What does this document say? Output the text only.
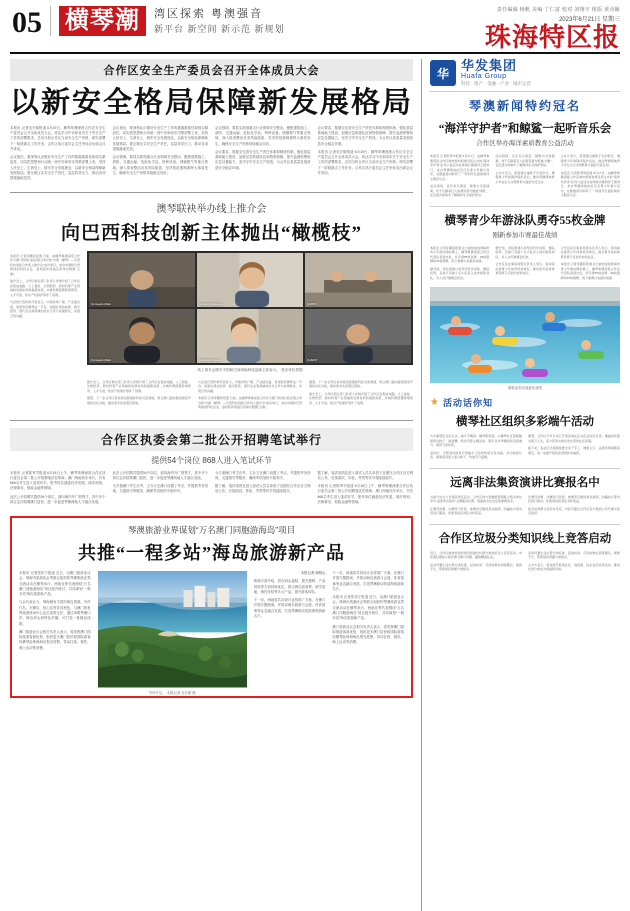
05 横琴潮	湾区探索 粤澳强音
新平台 新空间 新示范 新规划
责任编辑 杨帆 美编 丁仁富 校对 刘翔宇 组版 黄诗颖
2023年6月21日 星期三
珠海特区报
合作区安全生产委员会召开全体成员大会
以新安全格局保障新发展格局

本报讯 记者吴长赋报道 6月19日，横琴粤澳深度合作区安全生产委员会召开全体成员大会，传达学习中央和省市关于安全生产工作的部署要求，总结分析合作区当前安全生产形势，研究部署下一阶段重点工作任务。合作区执行委员会主任李伟农出席会议并讲话。

会议指出，要深刻认识做好安全生产工作的极端重要性和现实紧迫性，切实把思想和行动统一到中央和省市决策部署上来，坚持人民至上、生命至上，树牢安全发展理念，以新安全格局保障新发展格局。要压紧压实安全生产责任，层层传导压力，推动各项措施落地见效。

会议指出，要深刻认识做好安全生产工作的极端重要性和现实紧迫性，切实把思想和行动统一到中央和省市决策部署上来，坚持人民至上、生命至上，树牢安全发展理念，以新安全格局保障新发展格局。要压紧压实安全生产责任，层层传导压力，推动各项措施落地见效。

会议强调，要抓实抓细重点行业领域安全整治，聚焦建筑施工、消防、交通运输、危险化学品、特种设备、城镇燃气等重点领域，深入排查整治各类风险隐患，坚决防范遏制重特大事故发生，确保安全生产形势持续稳定向好。

会议强调，要抓实抓细重点行业领域安全整治，聚焦建筑施工、消防、交通运输、危险化学品、特种设备、城镇燃气等重点领域，深入排查整治各类风险隐患，坚决防范遏制重特大事故发生，确保安全生产形势持续稳定向好。

会议要求，要健全完善安全生产责任体系和制度机制，强化基层基础能力建设，加强应急救援队伍和物资保障，提升监测预警和应急处置能力，坚决守牢安全生产底线，为合作区高质量发展营造安全稳定环境。

会议要求，要健全完善安全生产责任体系和制度机制，强化基层基础能力建设，加强应急救援队伍和物资保障，提升监测预警和应急处置能力，坚决守牢安全生产底线，为合作区高质量发展营造安全稳定环境。

本报讯 记者吴长赋报道 6月19日，横琴粤澳深度合作区安全生产委员会召开全体成员大会，传达学习中央和省市关于安全生产工作的部署要求，总结分析合作区当前安全生产形势，研究部署下一阶段重点工作任务。合作区执行委员会主任李伟农出席会议并讲话。

澳琴联袂举办线上推介会
向巴西科技创新主体抛出“橄榄枝”

本报讯 记者李灏菲报道 日前，由横琴粤澳深度合作区与澳门特别行政区联合举办的“中国（横琴）—巴西科技创新合作线上推介会”成功举行，来自中国和巴西两地的科技企业、高校院所等逾百家单位相聚“云端”。

推介会上，合作区相关部门负责人详细介绍了合作区在集成电路、人工智能、生物医药、新材料等产业领域的发展布局和最新政策，并就科研经费跨境使用、人才引进、知识产权保护等作了说明。

与会的巴西机构代表表示，中国市场广阔、产业链完备，希望依托横琴这一平台，加强在清洁能源、数字经济、现代农业等领域的技术合作与成果转化，实现互利共赢。

Consuelo Melo	Joaquin Figuereo	SUBST
Consuelo Melo	Maria Rodriguez	GUEST
线上推介会吸引中国和巴西两地科技创新主体参与。 受访单位供图

推介会上，合作区相关部门负责人详细介绍了合作区在集成电路、人工智能、生物医药、新材料等产业领域的发展布局和最新政策，并就科研经费跨境使用、人才引进、知识产权保护等作了说明。

据悉，下一步合作区将持续拓展国际科技交流渠道，联合澳门面向葡语国家开展常态化对接，推动更多优质项目落地。

与会的巴西机构代表表示，中国市场广阔、产业链完备，希望依托横琴这一平台，加强在清洁能源、数字经济、现代农业等领域的技术合作与成果转化，实现互利共赢。

本报讯 记者李灏菲报道 日前，由横琴粤澳深度合作区与澳门特别行政区联合举办的“中国（横琴）—巴西科技创新合作线上推介会”成功举行，来自中国和巴西两地的科技企业、高校院所等逾百家单位相聚“云端”。

据悉，下一步合作区将持续拓展国际科技交流渠道，联合澳门面向葡语国家开展常态化对接，推动更多优质项目落地。

推介会上，合作区相关部门负责人详细介绍了合作区在集成电路、人工智能、生物医药、新材料等产业领域的发展布局和最新政策，并就科研经费跨境使用、人才引进、知识产权保护等作了说明。

合作区执委会第二批公开招聘笔试举行
提供54个岗位 868人进入笔试环节

本报讯 记者陈秀岑报道 6月18日上午，横琴粤澳深度合作区执行委员会第二批公开招聘笔试在珠海、澳门两地同步举行，共有868名考生进入笔试环节，报考岗位涵盖经济发展、城市规划、法律事务、财政金融等领域。

此次公开招聘共提供54个岗位，面向海内外广纳贤才，其中多个岗位定向招聘澳门居民，进一步促进琴澳两地人才融合发展。

此次公开招聘共提供54个岗位，面向海内外广纳贤才，其中多个岗位定向招聘澳门居民，进一步促进琴澳两地人才融合发展。

为方便澳门考生应考，主办方在澳门设置了考点，并提供考务咨询、交通指引等服务，确保考试组织平稳有序。

为方便澳门考生应考，主办方在澳门设置了考点，并提供考务咨询、交通指引等服务，确保考试组织平稳有序。

据了解，笔试成绩及进入面试人员名单将于近期在合作区官方网站公布，后续面试、体检、考察等环节将陆续展开。

据了解，笔试成绩及进入面试人员名单将于近期在合作区官方网站公布，后续面试、体检、考察等环节将陆续展开。

本报讯 记者陈秀岑报道 6月18日上午，横琴粤澳深度合作区执行委员会第二批公开招聘笔试在珠海、澳门两地同步举行，共有868名考生进入笔试环节，报考岗位涵盖经济发展、城市规划、法律事务、财政金融等领域。

琴澳旅游业界谋划“万名澳门同胞游海岛”项目
共推“一程多站”海岛旅游新产品

本报讯 记者张伟宁报道 近日，由澳门旅游业议会、珠海市旅游协会等联合组织的琴澳旅游业界交流活动在横琴举行，两地业界代表围绕“万名澳门同胞游海岛”项目展开研讨，共同谋划“一程多站”海岛旅游新产品。

与会代表认为，珠海拥有丰富的海岛资源，外伶仃岛、东澳岛、桂山岛等各具特色，与澳门的世界旅游休闲中心定位高度互补，通过串联琴澳口岸、海岛码头和特色村落，可打造一批精品线路。

澳门旅游业议会相关负责人表示，将发挥澳门国际旅游客源优势，组织更多澳门居民和国际游客经横琴赴珠海海岛观光度假，带动住宿、餐饮、海上运动等消费。

外伶仃岛。 本报记者 吴长赋 摄

本报记者 廖明山

珠海方面介绍，将在码头接驳、通关便利、产品供给等方面持续优化，推出海岛游套票、研学营地、海钓体验等多元产品，提升游客体验。

下一步，两地将共同设计宣传推广方案，在澳门开展专题路演，并推动海岛旅游与会展、体育赛事等业态融合发展，打造琴澳联动的滨海旅游新名片。

下一步，两地将共同设计宣传推广方案，在澳门开展专题路演，并推动海岛旅游与会展、体育赛事等业态融合发展，打造琴澳联动的滨海旅游新名片。

本报讯 记者张伟宁报道 近日，由澳门旅游业议会、珠海市旅游协会等联合组织的琴澳旅游业界交流活动在横琴举行，两地业界代表围绕“万名澳门同胞游海岛”项目展开研讨，共同谋划“一程多站”海岛旅游新产品。

澳门旅游业议会相关负责人表示，将发挥澳门国际旅游客源优势，组织更多澳门居民和国际游客经横琴赴珠海海岛观光度假，带动住宿、餐饮、海上运动等消费。

华
华发集团
Huafa Group
科技 · 地产 · 金融 · 产业 · 城市运营
琴澳新闻特约冠名
“海洋守护者”和鲸鲨一起听音乐会
合作区举办海洋素质教育公益活动

本报讯 记者陈秀岑报道 6月17日，由横琴粤澳深度合作区城市规划和建设局主办的“海洋守护者”系列公益活动在珠海长隆海洋王国举行，来自琴澳两地的近百名青少年参与其中，在鲸鲨馆内聆听了一场别开生面的海洋主题音乐会。

活动现场，音乐家以海浪、鲸歌为灵感演奏，孩子们隔着巨大的观景窗与鲸鲨“同框”，在沉浸式体验中了解海洋生态保护知识。

活动现场，音乐家以海浪、鲸歌为灵感演奏，孩子们隔着巨大的观景窗与鲸鲨“同框”，在沉浸式体验中了解海洋生态保护知识。

主办方表示，希望通过寓教于乐的形式，增强青少年的海洋保护意识，推动琴澳两地青少年在生态文明教育方面的交流互动。

主办方表示，希望通过寓教于乐的形式，增强青少年的海洋保护意识，推动琴澳两地青少年在生态文明教育方面的交流互动。

本报讯 记者陈秀岑报道 6月17日，由横琴粤澳深度合作区城市规划和建设局主办的“海洋守护者”系列公益活动在珠海长隆海洋王国举行，来自琴澳两地的近百名青少年参与其中，在鲸鲨馆内聆听了一场别开生面的海洋主题音乐会。

横琴青少年游泳队勇夺55枚金牌
刚新参加市赛最佳战绩

本报讯 记者李灏菲报道 在日前结束的珠海市青少年游泳锦标赛上，横琴粤澳深度合作区代表队表现出色，共夺得55枚金牌、38枚银牌和26枚铜牌，创下参赛以来最好成绩。

据介绍，该队组建以来坚持科学训练、梯队培养，目前已有数十名小队员入选市级集训队，多人次打破赛会纪录。

据介绍，该队组建以来坚持科学训练、梯队培养，目前已有数十名小队员入选市级集训队，多人次打破赛会纪录。

合作区民生事务局相关负责人表示，将持续完善青少年体育培训体系，推动更多优质体育资源下沉到学校和社区。

合作区民生事务局相关负责人表示，将持续完善青少年体育培训体系，推动更多优质体育资源下沉到学校和社区。

本报讯 记者李灏菲报道 在日前结束的珠海市青少年游泳锦标赛上，横琴粤澳深度合作区代表队表现出色，共夺得55枚金牌、38枚银牌和26枚铜牌，创下参赛以来最好成绩。

刚新参加市赛最佳战绩
★ 活动话你知
横琴社区组织多彩端午活动

为丰富居民文化生活，端午节期间，横琴新家园、小横琴社区等相继组织包粽子、做香囊、绘龙舟等主题活动，吸引众多琴澳居民家庭参与，现场气氛热烈。

活动中，志愿者向居民介绍端午习俗和传统文化内涵，并为独居长者、困难家庭送上爱心粽子，传递节日温情。

据悉，合作区今年以来已开展各类社区文化活动近百场，覆盖居民超过两万人次，着力营造共建共治共享的社区氛围。

接下来，各社区还将陆续推出亲子手工、健康义诊、法律咨询等服务项目，进一步提升居民获得感和幸福感。

远离非法集资演讲比赛报名中

为提升社会公众风险防范意识，合作区地方金融管理局联合相关单位举办“远离非法集资”主题演讲比赛，现面向全社会征集参赛选手。

比赛设初赛、决赛两个阶段，参赛者可围绕身边案例、防骗技巧等内容进行演讲，优胜者将获得证书和奖品。

比赛设初赛、决赛两个阶段，参赛者可围绕身边案例、防骗技巧等内容进行演讲，优胜者将获得证书和奖品。

报名时间即日起至本月底，市民可通过合作区官方微信公众号提交报名信息。

合作区垃圾分类知识线上竞答启动

近日，合作区城市规划和建设局推出垃圾分类知识线上竞答活动，市民通过微信小程序即可参与答题，赢取精美礼品。

活动设置生活垃圾分类标准、投放时间、可回收物识别等题目，寓教于乐，帮助居民掌握分类知识。

活动设置生活垃圾分类标准、投放时间、可回收物识别等题目，寓教于乐，帮助居民掌握分类知识。

主办方表示，将持续开展进社区、进校园、进企业的宣传活动，推动垃圾分类成为低碳新风尚。
